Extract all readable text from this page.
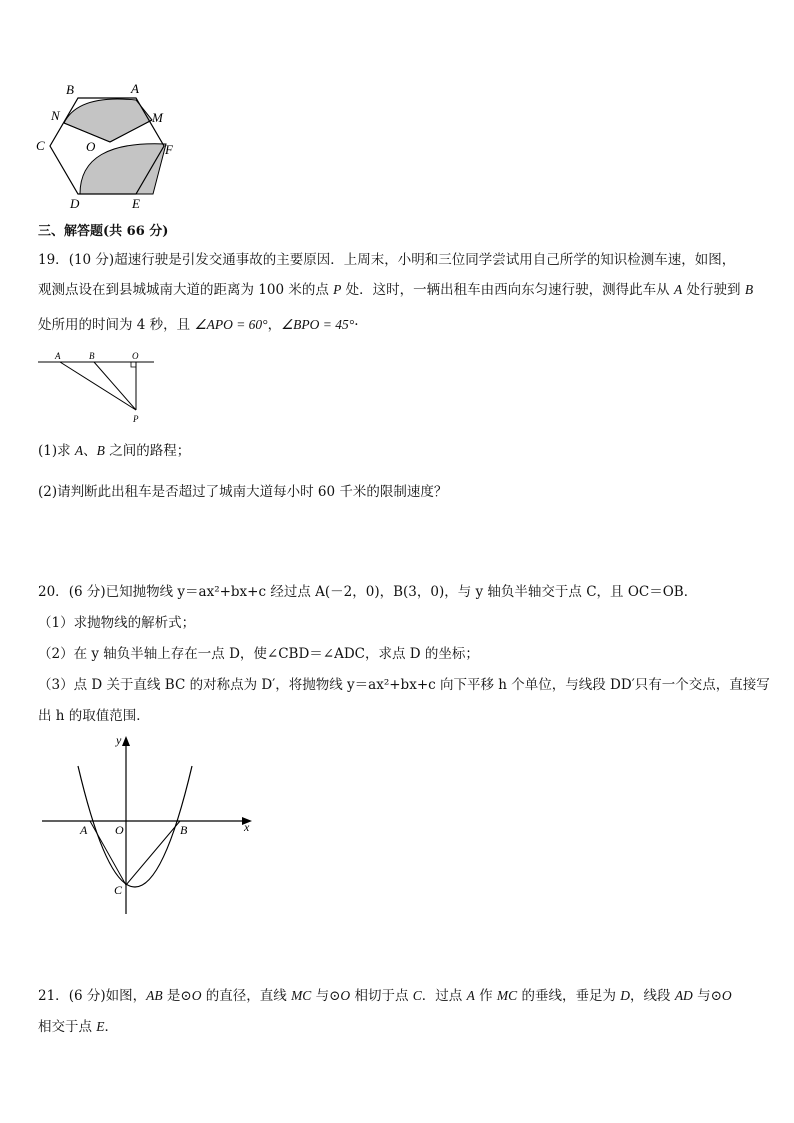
B	A
N	M
C	O	F
D	E
三、解答题(共 66 分)
19．(10 分)超速行驶是引发交通事故的主要原因．上周末，小明和三位同学尝试用自己所学的知识检测车速，如图，
观测点设在到县城城南大道的距离为 100 米的点 P 处．这时，一辆出租车由西向东匀速行驶，测得此车从 A 处行驶到 B
处所用的时间为 4 秒，且 ∠APO = 60°，∠BPO = 45°·
A	B	O
P
(1)求 A、B 之间的路程；
(2)请判断此出租车是否超过了城南大道每小时 60 千米的限制速度？
20．(6 分)已知抛物线 y＝ax²+bx+c 经过点 A(－2，0)，B(3，0)，与 y 轴负半轴交于点 C，且 OC＝OB．
（1）求抛物线的解析式；
（2）在 y 轴负半轴上存在一点 D，使∠CBD＝∠ADC，求点 D 的坐标；
（3）点 D 关于直线 BC 的对称点为 D′，将抛物线 y＝ax²+bx+c 向下平移 h 个单位，与线段 DD′只有一个交点，直接写
出 h 的取值范围．
y
x
A O	B
C
21．(6 分)如图，AB 是⊙O 的直径，直线 MC 与⊙O 相切于点 C．过点 A 作 MC 的垂线，垂足为 D，线段 AD 与⊙O
相交于点 E．
